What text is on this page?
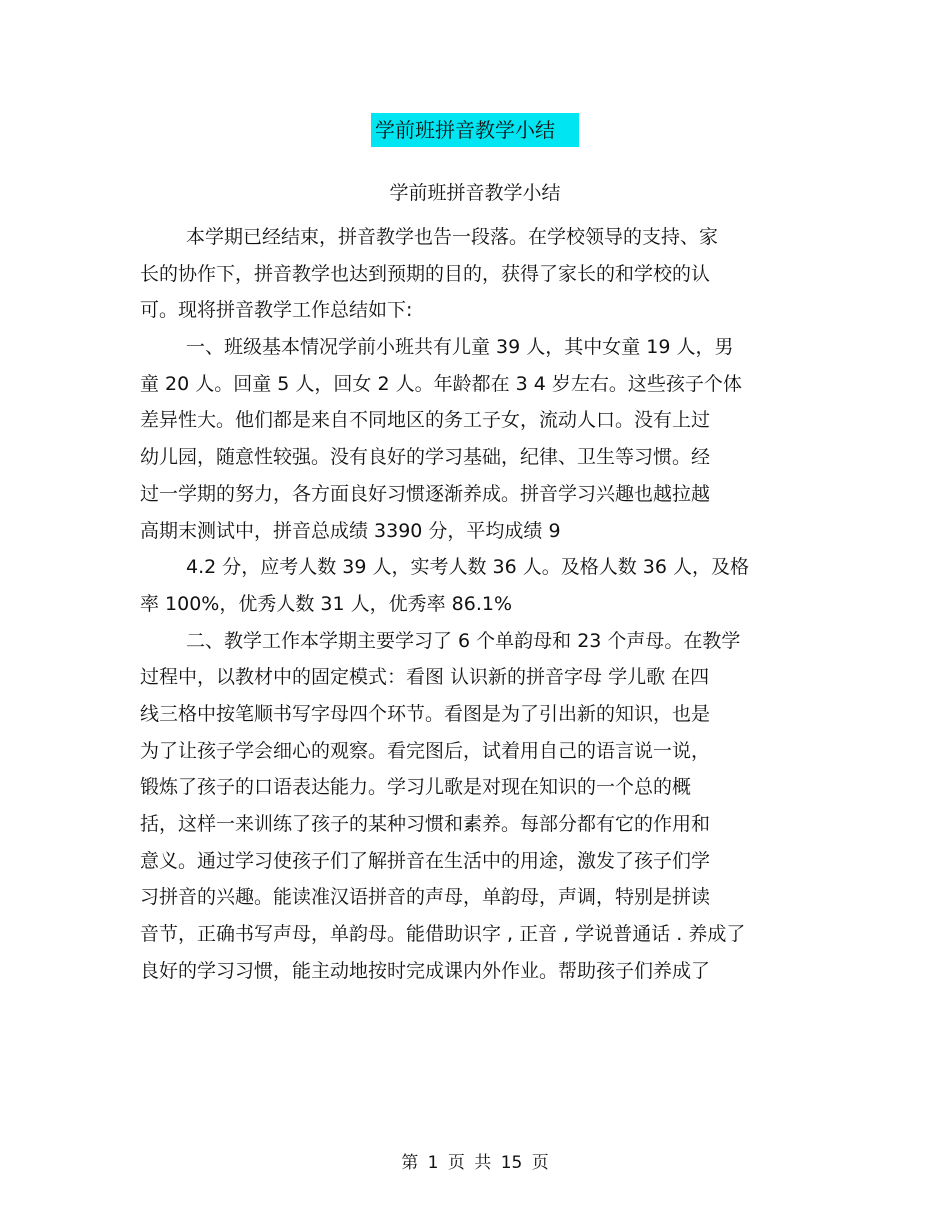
学前班拼音教学小结
学前班拼音教学小结
本学期已经结束，拼音教学也告一段落。在学校领导的支持、家
长的协作下，拼音教学也达到预期的目的，获得了家长的和学校的认
可。现将拼音教学工作总结如下:
一、班级基本情况学前小班共有儿童 39 人，其中女童 19 人，男
童 20 人。回童 5 人，回女 2 人。年龄都在 3 4 岁左右。这些孩子个体
差异性大。他们都是来自不同地区的务工子女，流动人口。没有上过
幼儿园，随意性较强。没有良好的学习基础，纪律、卫生等习惯。经
过一学期的努力，各方面良好习惯逐渐养成。拼音学习兴趣也越拉越
高期末测试中，拼音总成绩 3390 分，平均成绩 9
4.2 分，应考人数 39 人，实考人数 36 人。及格人数 36 人，及格
率 100%，优秀人数 31 人，优秀率 86.1%
二、教学工作本学期主要学习了 6 个单韵母和 23 个声母。在教学
过程中，以教材中的固定模式：看图 认识新的拼音字母 学儿歌 在四
线三格中按笔顺书写字母四个环节。看图是为了引出新的知识，也是
为了让孩子学会细心的观察。看完图后，试着用自己的语言说一说，
锻炼了孩子的口语表达能力。学习儿歌是对现在知识的一个总的概
括，这样一来训练了孩子的某种习惯和素养。每部分都有它的作用和
意义。通过学习使孩子们了解拼音在生活中的用途，激发了孩子们学
习拼音的兴趣。能读准汉语拼音的声母，单韵母，声调，特别是拼读
音节，正确书写声母，单韵母。能借助识字 , 正音 , 学说普通话 . 养成了
良好的学习习惯，能主动地按时完成课内外作业。帮助孩子们养成了
第 1 页 共 15 页
